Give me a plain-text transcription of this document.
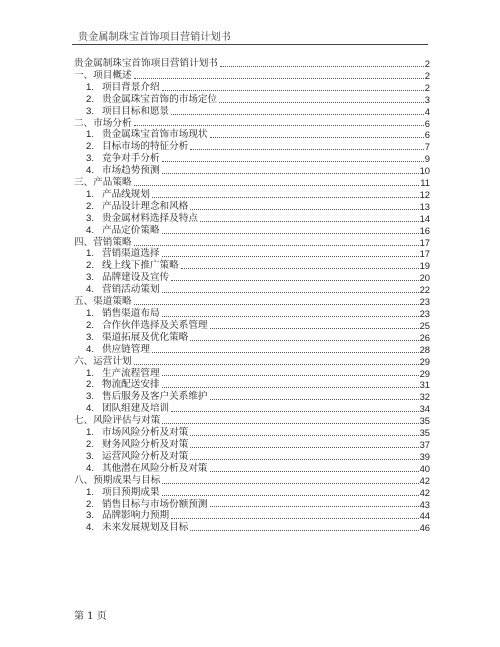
贵金属制珠宝首饰项目营销计划书
贵金属制珠宝首饰项目营销计划书	2
一、项目概述	2
1. 项目背景介绍	2
2. 贵金属珠宝首饰的市场定位	3
3. 项目目标和愿景	4
二、市场分析	6
1. 贵金属珠宝首饰市场现状	6
2. 目标市场的特征分析	7
3. 竞争对手分析	9
4. 市场趋势预测	10
三、产品策略	11
1. 产品线规划	12
2. 产品设计理念和风格	13
3. 贵金属材料选择及特点	14
4. 产品定价策略	16
四、营销策略	17
1. 营销渠道选择	17
2. 线上线下推广策略	19
3. 品牌建设及宣传	20
4. 营销活动策划	22
五、渠道策略	23
1. 销售渠道布局	23
2. 合作伙伴选择及关系管理	25
3. 渠道拓展及优化策略	26
4. 供应链管理	28
六、运营计划	29
1. 生产流程管理	29
2. 物流配送安排	31
3. 售后服务及客户关系维护	32
4. 团队组建及培训	34
七、风险评估与对策	35
1. 市场风险分析及对策	35
2. 财务风险分析及对策	37
3. 运营风险分析及对策	39
4. 其他潜在风险分析及对策	40
八、预期成果与目标	42
1. 项目预期成果	42
2. 销售目标与市场份额预测	43
3. 品牌影响力预期	44
4. 未来发展规划及目标	46
第 1 页
